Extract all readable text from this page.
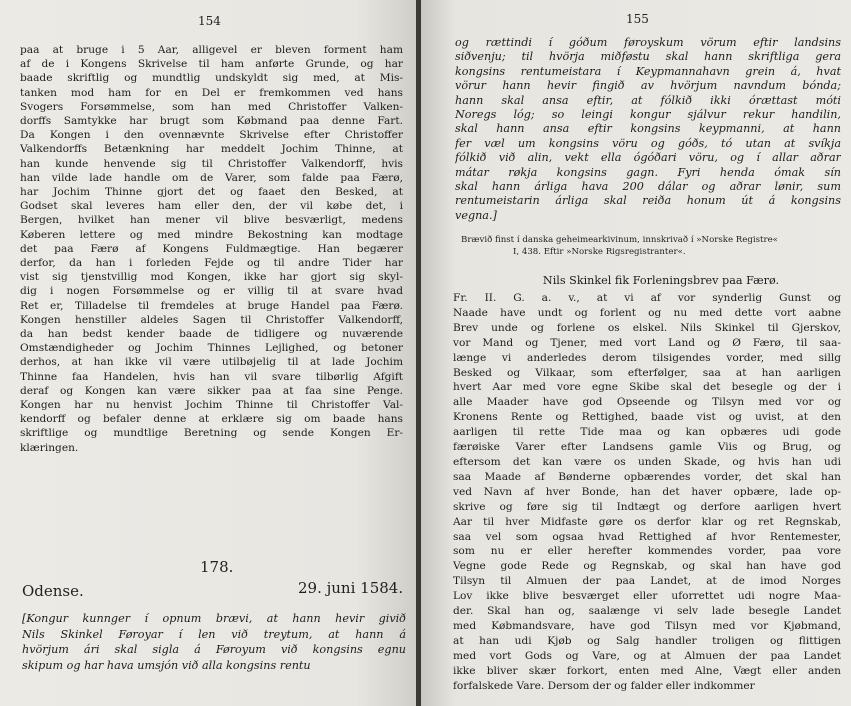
154
paa at bruge i 5 Aar, alligevel er bleven forment ham
af de i Kongens Skrivelse til ham anførte Grunde, og har
baade skriftlig og mundtlig undskyldt sig med, at Mis-
tanken mod ham for en Del er fremkommen ved hans
Svogers Forsømmelse, som han med Christoffer Valken-
dorffs Samtykke har brugt som Købmand paa denne Fart.
Da Kongen i den ovennævnte Skrivelse efter Christoffer
Valkendorffs Betænkning har meddelt Jochim Thinne, at
han kunde henvende sig til Christoffer Valkendorff, hvis
han vilde lade handle om de Varer, som falde paa Færø,
har Jochim Thinne gjort det og faaet den Besked, at
Godset skal leveres ham eller den, der vil købe det, i
Bergen, hvilket han mener vil blive besværligt, medens
Køberen lettere og med mindre Bekostning kan modtage
det paa Færø af Kongens Fuldmægtige. Han begærer
derfor, da han i forleden Fejde og til andre Tider har
vist sig tjenstvillig mod Kongen, ikke har gjort sig skyl-
dig i nogen Forsømmelse og er villig til at svare hvad
Ret er, Tilladelse til fremdeles at bruge Handel paa Færø.
Kongen henstiller aldeles Sagen til Christoffer Valkendorff,
da han bedst kender baade de tidligere og nuværende
Omstændigheder og Jochim Thinnes Lejlighed, og betoner
derhos, at han ikke vil være utilbøjelig til at lade Jochim
Thinne faa Handelen, hvis han vil svare tilbørlig Afgift
deraf og Kongen kan være sikker paa at faa sine Penge.
Kongen har nu henvist Jochim Thinne til Christoffer Val-
kendorff og befaler denne at erklære sig om baade hans
skriftlige og mundtlige Beretning og sende Kongen Er-
klæringen.
178.
Odense.	29. juni 1584.
[Kongur kunnger í opnum brævi, at hann hevir givið
Nils Skinkel Føroyar í len við treytum, at hann á
hvörjum ári skal sigla á Føroyum við kongsins egnu
skipum og har hava umsjón við alla kongsins rentu
155
og rættindi í góðum føroyskum vörum eftir landsins
siðvenju; til hvörja miðføstu skal hann skriftliga gera
kongsins rentumeistara í Keypmannahavn grein á, hvat
vörur hann hevir fingið av hvörjum navndum bónda;
hann skal ansa eftir, at fólkið ikki órættast móti
Noregs lóg; so leingi kongur sjálvur rekur handilin,
skal hann ansa eftir kongsins keypmanni, at hann
fer væl um kongsins vöru og góðs, tó utan at svíkja
fólkið við alin, vekt ella ógóðari vöru, og í allar aðrar
mátar røkja kongsins gagn. Fyri henda ómak sín
skal hann árliga hava 200 dálar og aðrar lønir, sum
rentumeistarin árliga skal reiða honum út á kongsins
vegna.]
Brævið finst í danska geheimearkivinum, innskrivað í »Norske Registre«
I, 438. Eftir »Norske Rigsregistranter«.
Nils Skinkel fik Forleningsbrev paa Færø.
Fr. II. G. a. v., at vi af vor synderlig Gunst og
Naade have undt og forlent og nu med dette vort aabne
Brev unde og forlene os elskel. Nils Skinkel til Gjerskov,
vor Mand og Tjener, med vort Land og Ø Færø, til saa-
længe vi anderledes derom tilsigendes vorder, med sillg
Besked og Vilkaar, som efterfølger, saa at han aarligen
hvert Aar med vore egne Skibe skal det besegle og der i
alle Maader have god Opseende og Tilsyn med vor og
Kronens Rente og Rettighed, baade vist og uvist, at den
aarligen til rette Tide maa og kan opbæres udi gode
færøiske Varer efter Landsens gamle Viis og Brug, og
eftersom det kan være os unden Skade, og hvis han udi
saa Maade af Bønderne opbærendes vorder, det skal han
ved Navn af hver Bonde, han det haver opbære, lade op-
skrive og føre sig til Indtægt og derfore aarligen hvert
Aar til hver Midfaste gøre os derfor klar og ret Regnskab,
saa vel som ogsaa hvad Rettighed af hvor Rentemester,
som nu er eller herefter kommendes vorder, paa vore
Vegne gode Rede og Regnskab, og skal han have god
Tilsyn til Almuen der paa Landet, at de imod Norges
Lov ikke blive besværget eller uforrettet udi nogre Maa-
der. Skal han og, saalænge vi selv lade besegle Landet
med Købmandsvare, have god Tilsyn med vor Kjøbmand,
at han udi Kjøb og Salg handler troligen og flittigen
med vort Gods og Vare, og at Almuen der paa Landet
ikke bliver skær forkort, enten med Alne, Vægt eller anden
forfalskede Vare. Dersom der og falder eller indkommer
